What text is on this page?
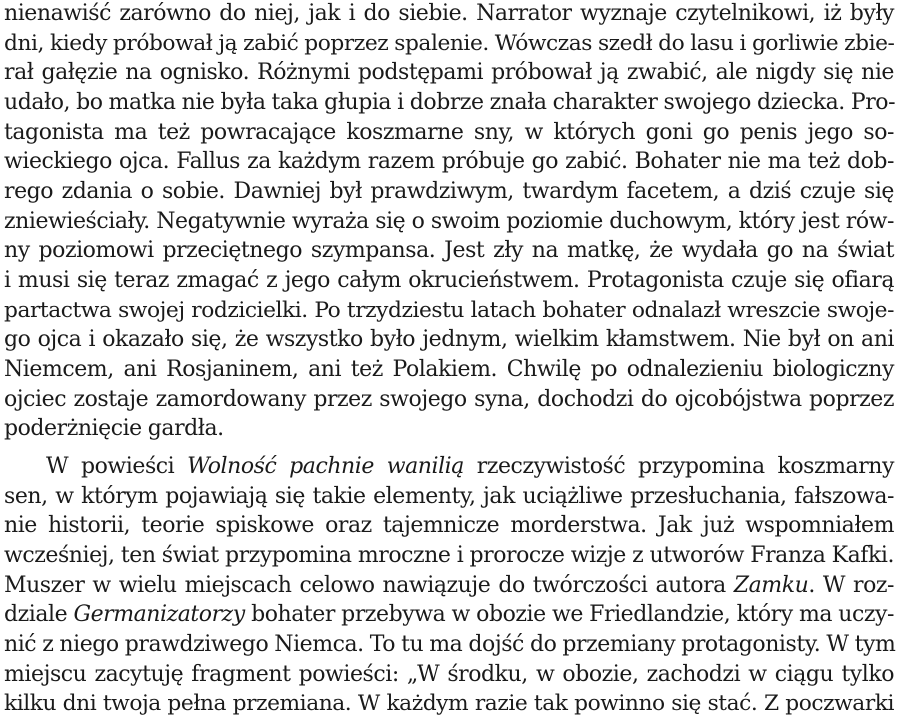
nienawiść zarówno do niej, jak i do siebie. Narrator wyznaje czytelnikowi, iż były
dni, kiedy próbował ją zabić poprzez spalenie. Wówczas szedł do lasu i gorliwie zbie-
rał gałęzie na ognisko. Różnymi podstępami próbował ją zwabić, ale nigdy się nie
udało, bo matka nie była taka głupia i dobrze znała charakter swojego dziecka. Pro-
tagonista ma też powracające koszmarne sny, w których goni go penis jego so-
wieckiego ojca. Fallus za każdym razem próbuje go zabić. Bohater nie ma też dob-
rego zdania o sobie. Dawniej był prawdziwym, twardym facetem, a dziś czuje się
zniewieściały. Negatywnie wyraża się o swoim poziomie duchowym, który jest rów-
ny poziomowi przeciętnego szympansa. Jest zły na matkę, że wydała go na świat
i musi się teraz zmagać z jego całym okrucieństwem. Protagonista czuje się ofiarą
partactwa swojej rodzicielki. Po trzydziestu latach bohater odnalazł wreszcie swoje-
go ojca i okazało się, że wszystko było jednym, wielkim kłamstwem. Nie był on ani
Niemcem, ani Rosjaninem, ani też Polakiem. Chwilę po odnalezieniu biologiczny
ojciec zostaje zamordowany przez swojego syna, dochodzi do ojcobójstwa poprzez
poderżnięcie gardła.
W powieści Wolność pachnie wanilią rzeczywistość przypomina koszmarny
sen, w którym pojawiają się takie elementy, jak uciążliwe przesłuchania, fałszowa-
nie historii, teorie spiskowe oraz tajemnicze morderstwa. Jak już wspomniałem
wcześniej, ten świat przypomina mroczne i prorocze wizje z utworów Franza Kafki.
Muszer w wielu miejscach celowo nawiązuje do twórczości autora Zamku. W roz-
dziale Germanizatorzy bohater przebywa w obozie we Friedlandzie, który ma uczy-
nić z niego prawdziwego Niemca. To tu ma dojść do przemiany protagonisty. W tym
miejscu zacytuję fragment powieści: „W środku, w obozie, zachodzi w ciągu tylko
kilku dni twoja pełna przemiana. W każdym razie tak powinno się stać. Z poczwarki
